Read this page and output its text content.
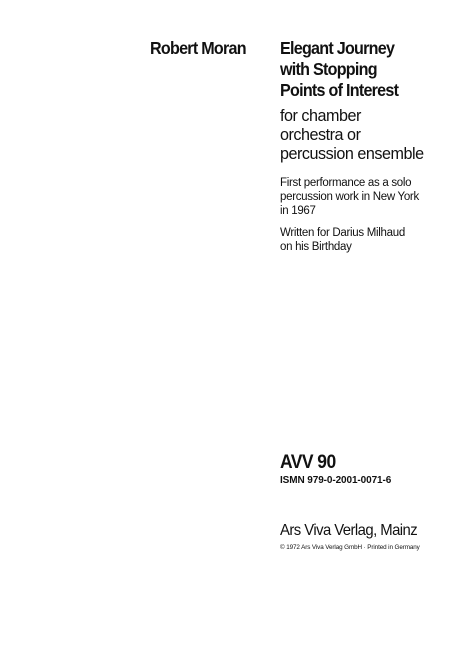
Robert Moran Elegant Journey
with Stopping
Points of Interest
for chamber
orchestra or
percussion ensemble
First performance as a solo
percussion work in New York
in 1967
Written for Darius Milhaud
on his Birthday
AVV 90
ISMN 979-0-2001-0071-6
Ars Viva Verlag, Mainz
© 1972 Ars Viva Verlag GmbH · Printed in Germany
